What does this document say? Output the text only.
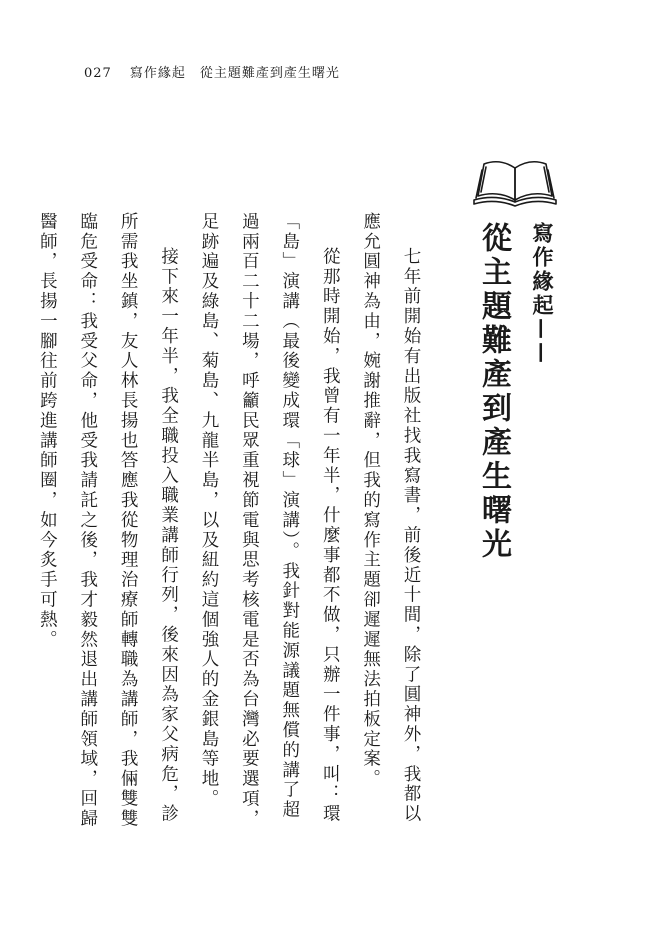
027 寫作緣起　從主題難產到產生曙光
寫作緣起——
從主題難產到產生曙光

七年前開始有出版社找我寫書，前後近十間，除了圓神外，我都以應允圓神為由，婉謝推辭，但我的寫作主題卻遲遲無法拍板定案。

從那時開始，我曾有一年半，什麼事都不做，只辦一件事，叫：環「島」演講（最後變成環「球」演講）。我針對能源議題無償的講了超過兩百二十二場，呼籲民眾重視節電與思考核電是否為台灣必要選項，足跡遍及綠島、菊島、九龍半島，以及紐約這個強人的金銀島等地。

接下來一年半，我全職投入職業講師行列，後來因為家父病危，診所需我坐鎮，友人林長揚也答應我從物理治療師轉職為講師，我倆雙雙臨危受命：我受父命，他受我請託之後，我才毅然退出講師領域，回歸醫師，長揚一腳往前跨進講師圈，如今炙手可熱。
